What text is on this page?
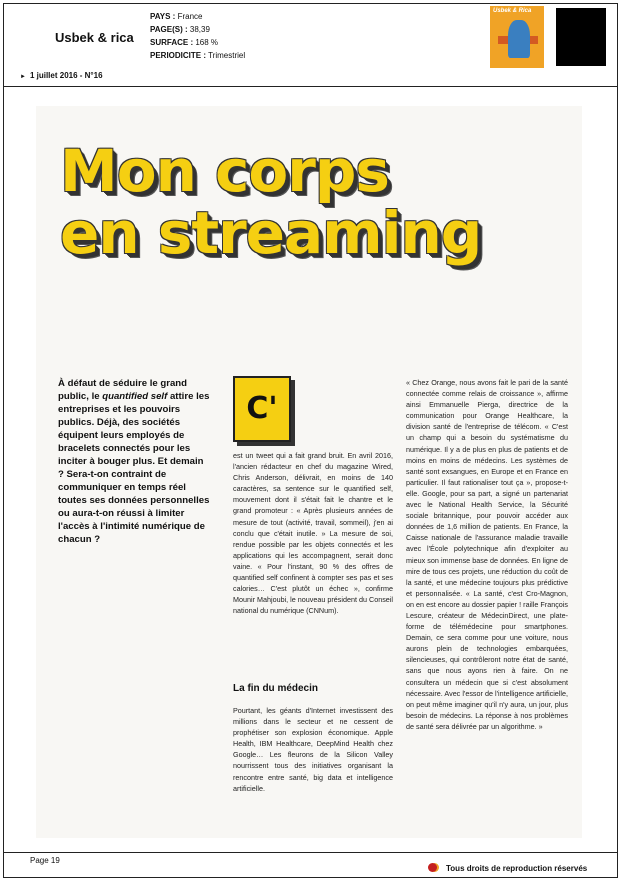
Usbek & rica
► 1 juillet 2016 - N°16
PAYS : France
PAGE(S) : 38,39
SURFACE : 168 %
PERIODICITE : Trimestriel
Usbek & Rica
Mon corps
en streaming
À défaut de séduire le grand public, le quantified self attire les entreprises et les pouvoirs publics. Déjà, des sociétés équipent leurs employés de bracelets connectés pour les inciter à bouger plus. Et demain ? Sera-t-on contraint de communiquer en temps réel toutes ses données personnelles ou aura-t-on réussi à limiter l'accès à l'intimité numérique de chacun ?
C'

est un tweet qui a fait grand bruit. En avril 2016, l'ancien rédacteur en chef du magazine Wired, Chris Anderson, délivrait, en moins de 140 caractères, sa sentence sur le quantified self, mouvement dont il s'était fait le chantre et le grand promoteur : « Après plusieurs années de mesure de tout (activité, travail, sommeil), j'en ai conclu que c'était inutile. » La mesure de soi, rendue possible par les objets connectés et les applications qui les accompagnent, serait donc vaine. « Pour l'instant, 90 % des offres de quantified self confinent à compter ses pas et ses calories… C'est plutôt un échec », confirme Mounir Mahjoubi, le nouveau président du Conseil national du numérique (CNNum).

La fin du médecin

Pourtant, les géants d'Internet investissent des millions dans le secteur et ne cessent de prophétiser son explosion économique. Apple Health, IBM Healthcare, DeepMind Health chez Google… Les fleurons de la Silicon Valley nourrissent tous des initiatives organisant la rencontre entre santé, big data et intelligence artificielle.

« Chez Orange, nous avons fait le pari de la santé connectée comme relais de croissance », affirme ainsi Emmanuelle Pierga, directrice de la communication pour Orange Healthcare, la division santé de l'entreprise de télécom. « C'est un champ qui a besoin du systématisme du numérique. Il y a de plus en plus de patients et de moins en moins de médecins. Les systèmes de santé sont exsangues, en Europe et en France en particulier. Il faut rationaliser tout ça », propose-t-elle. Google, pour sa part, a signé un partenariat avec le National Health Service, la Sécurité sociale britannique, pour pouvoir accéder aux données de 1,6 million de patients. En France, la Caisse nationale de l'assurance maladie travaille avec l'École polytechnique afin d'exploiter au mieux son immense base de données. En ligne de mire de tous ces projets, une réduction du coût de la santé, et une médecine toujours plus prédictive et personnalisée. « La santé, c'est Cro-Magnon, on en est encore au dossier papier ! raille François Lescure, créateur de MédecinDirect, une plate-forme de télémédecine pour smartphones. Demain, ce sera comme pour une voiture, nous aurons plein de technologies embarquées, silencieuses, qui contrôleront notre état de santé, sans que nous ayons rien à faire. On ne consultera un médecin que si c'est absolument nécessaire. Avec l'essor de l'intelligence artificielle, on peut même imaginer qu'il n'y aura, un jour, plus besoin de médecins. La réponse à nos problèmes de santé sera délivrée par un algorithme. »

Page 19
Tous droits de reproduction réservés
